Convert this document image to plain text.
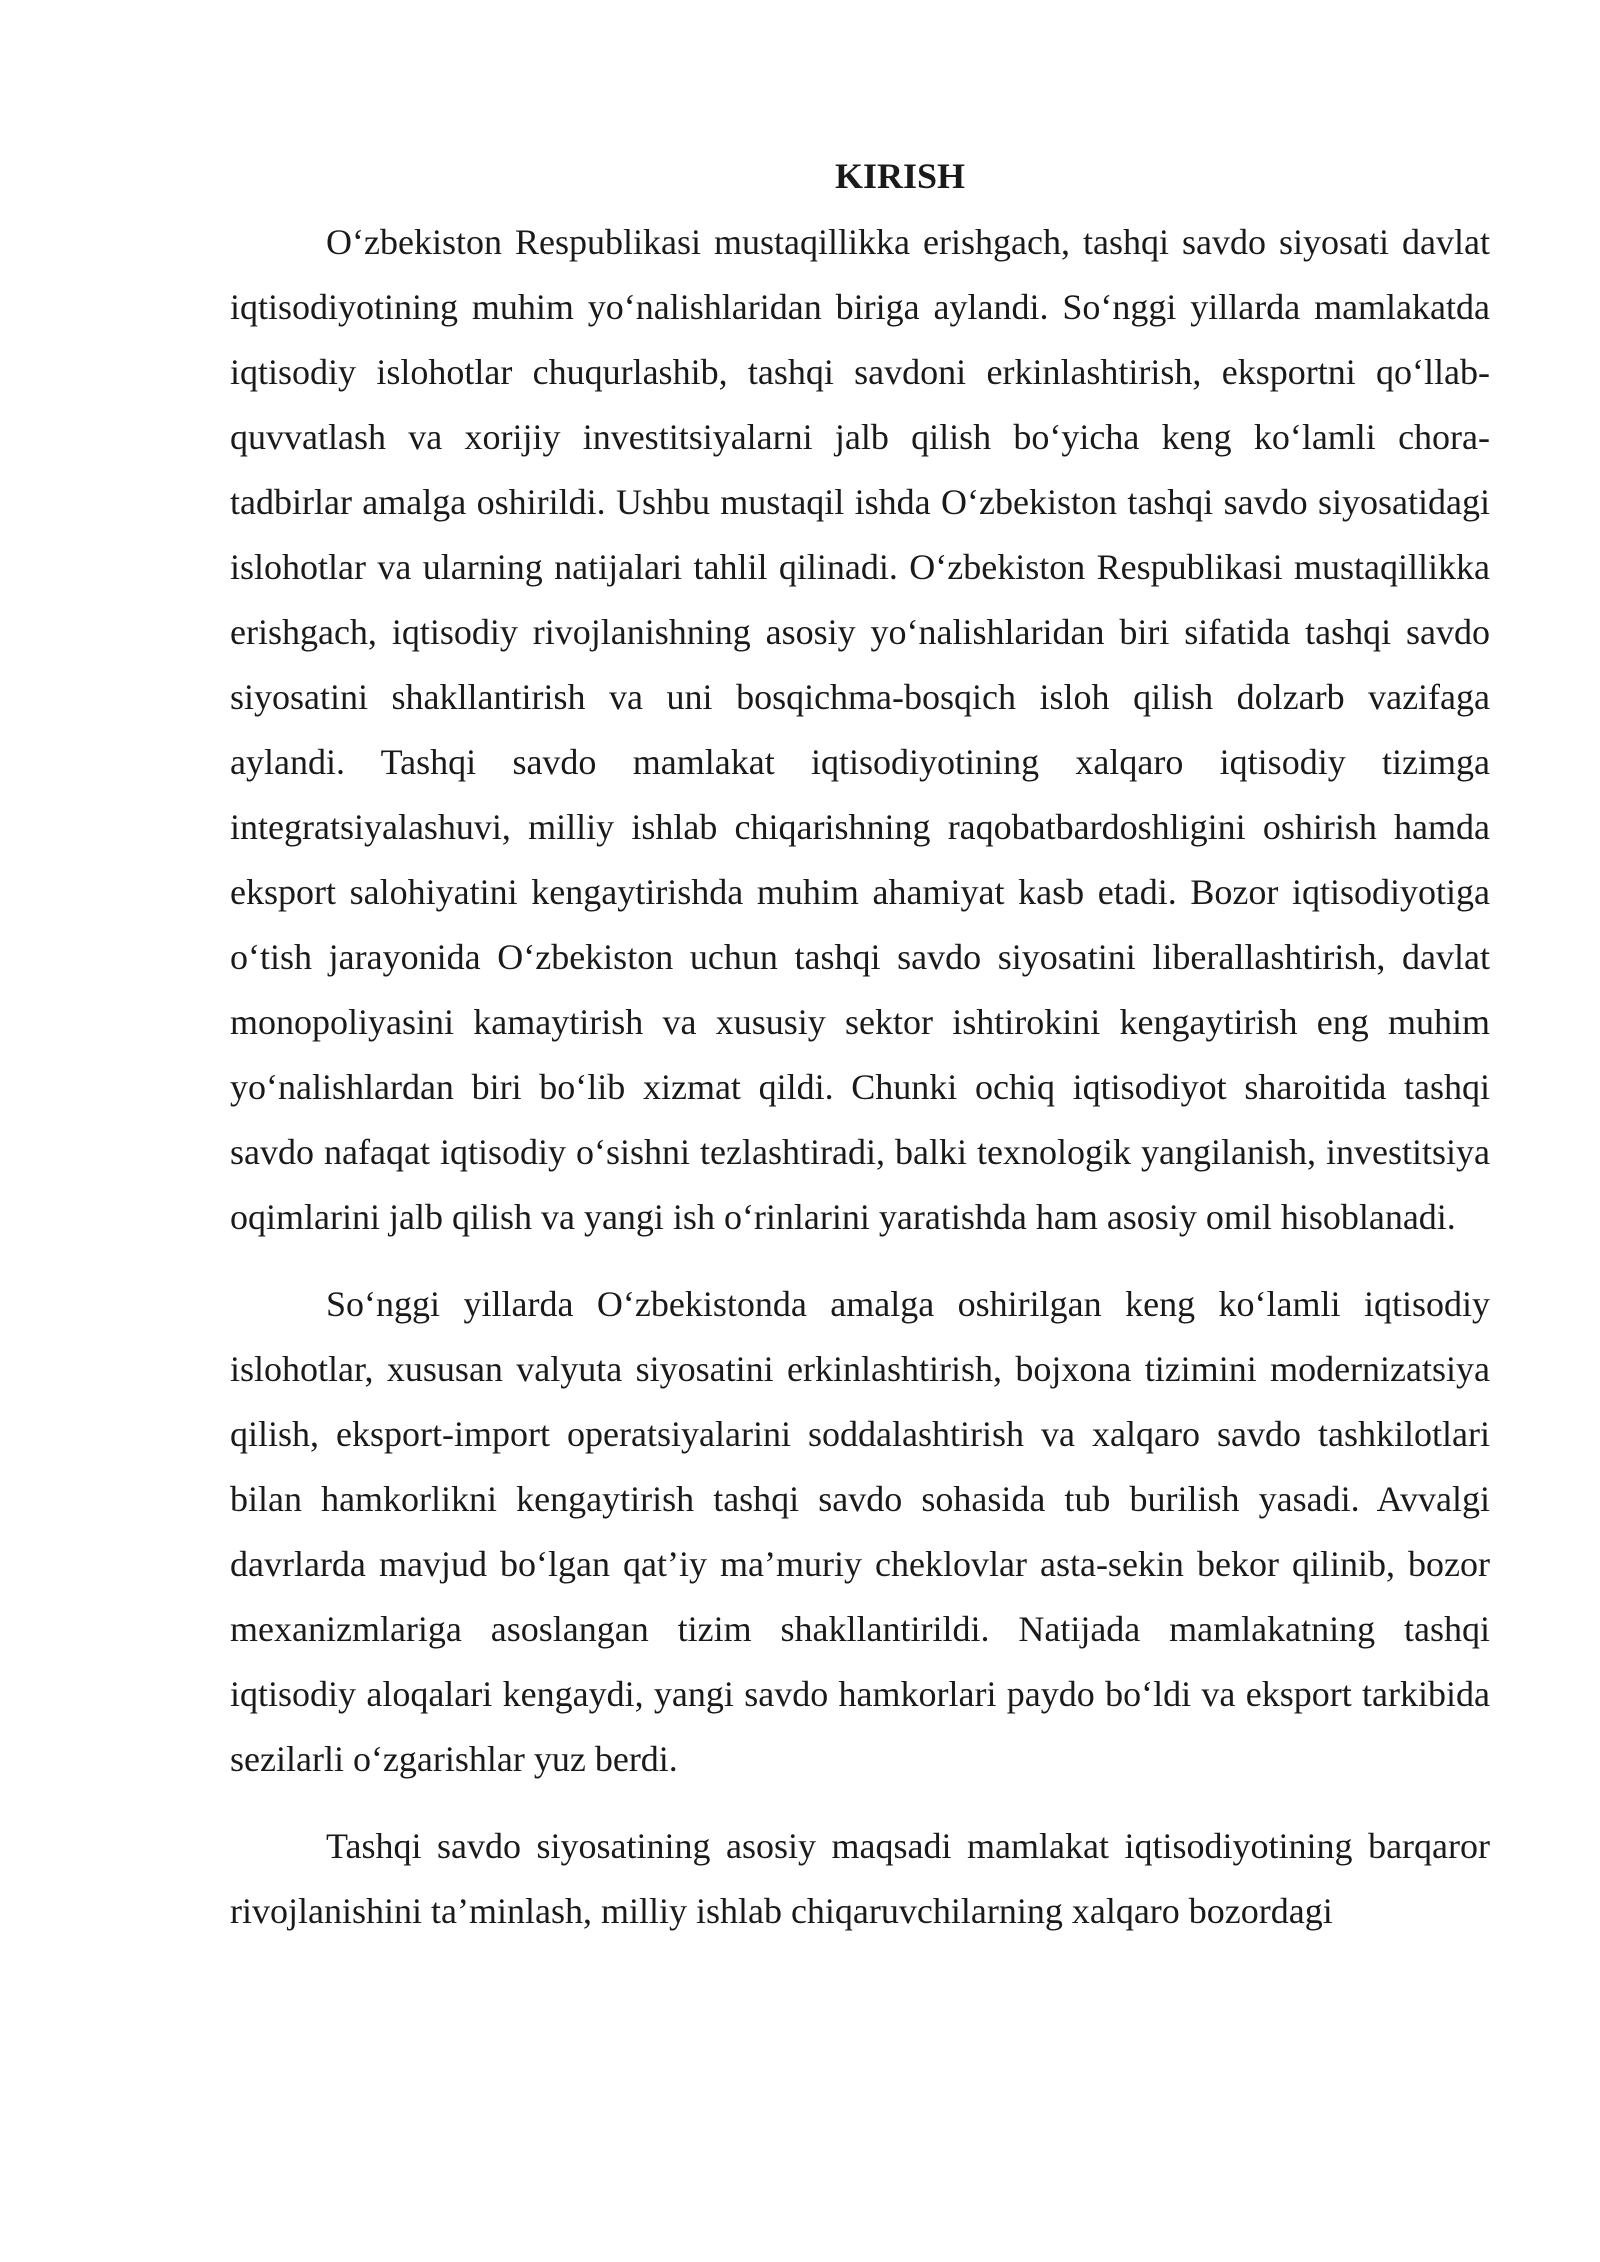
KIRISH

O‘zbekiston Respublikasi mustaqillikka erishgach, tashqi savdo siyosati davlat iqtisodiyotining muhim yo‘nalishlaridan biriga aylandi. So‘nggi yillarda mamlakatda iqtisodiy islohotlar chuqurlashib, tashqi savdoni erkinlashtirish, eksportni qo‘llab-quvvatlash va xorijiy investitsiyalarni jalb qilish bo‘yicha keng ko‘lamli chora-tadbirlar amalga oshirildi. Ushbu mustaqil ishda O‘zbekiston tashqi savdo siyosatidagi islohotlar va ularning natijalari tahlil qilinadi. O‘zbekiston Respublikasi mustaqillikka erishgach, iqtisodiy rivojlanishning asosiy yo‘nalishlaridan biri sifatida tashqi savdo siyosatini shakllantirish va uni bosqichma-bosqich isloh qilish dolzarb vazifaga aylandi. Tashqi savdo mamlakat iqtisodiyotining xalqaro iqtisodiy tizimga integratsiyalashuvi, milliy ishlab chiqarishning raqobatbardoshligini oshirish hamda eksport salohiyatini kengaytirishda muhim ahamiyat kasb etadi. Bozor iqtisodiyotiga o‘tish jarayonida O‘zbekiston uchun tashqi savdo siyosatini liberallashtirish, davlat monopoliyasini kamaytirish va xususiy sektor ishtirokini kengaytirish eng muhim yo‘nalishlardan biri bo‘lib xizmat qildi. Chunki ochiq iqtisodiyot sharoitida tashqi savdo nafaqat iqtisodiy o‘sishni tezlashtiradi, balki texnologik yangilanish, investitsiya oqimlarini jalb qilish va yangi ish o‘rinlarini yaratishda ham asosiy omil hisoblanadi.

So‘nggi yillarda O‘zbekistonda amalga oshirilgan keng ko‘lamli iqtisodiy islohotlar, xususan valyuta siyosatini erkinlashtirish, bojxona tizimini modernizatsiya qilish, eksport-import operatsiyalarini soddalashtirish va xalqaro savdo tashkilotlari bilan hamkorlikni kengaytirish tashqi savdo sohasida tub burilish yasadi. Avvalgi davrlarda mavjud bo‘lgan qat’iy ma’muriy cheklovlar asta-sekin bekor qilinib, bozor mexanizmlariga asoslangan tizim shakllantirildi. Natijada mamlakatning tashqi iqtisodiy aloqalari kengaydi, yangi savdo hamkorlari paydo bo‘ldi va eksport tarkibida sezilarli o‘zgarishlar yuz berdi.

Tashqi savdo siyosatining asosiy maqsadi mamlakat iqtisodiyotining barqaror rivojlanishini ta’minlash, milliy ishlab chiqaruvchilarning xalqaro bozordagi
